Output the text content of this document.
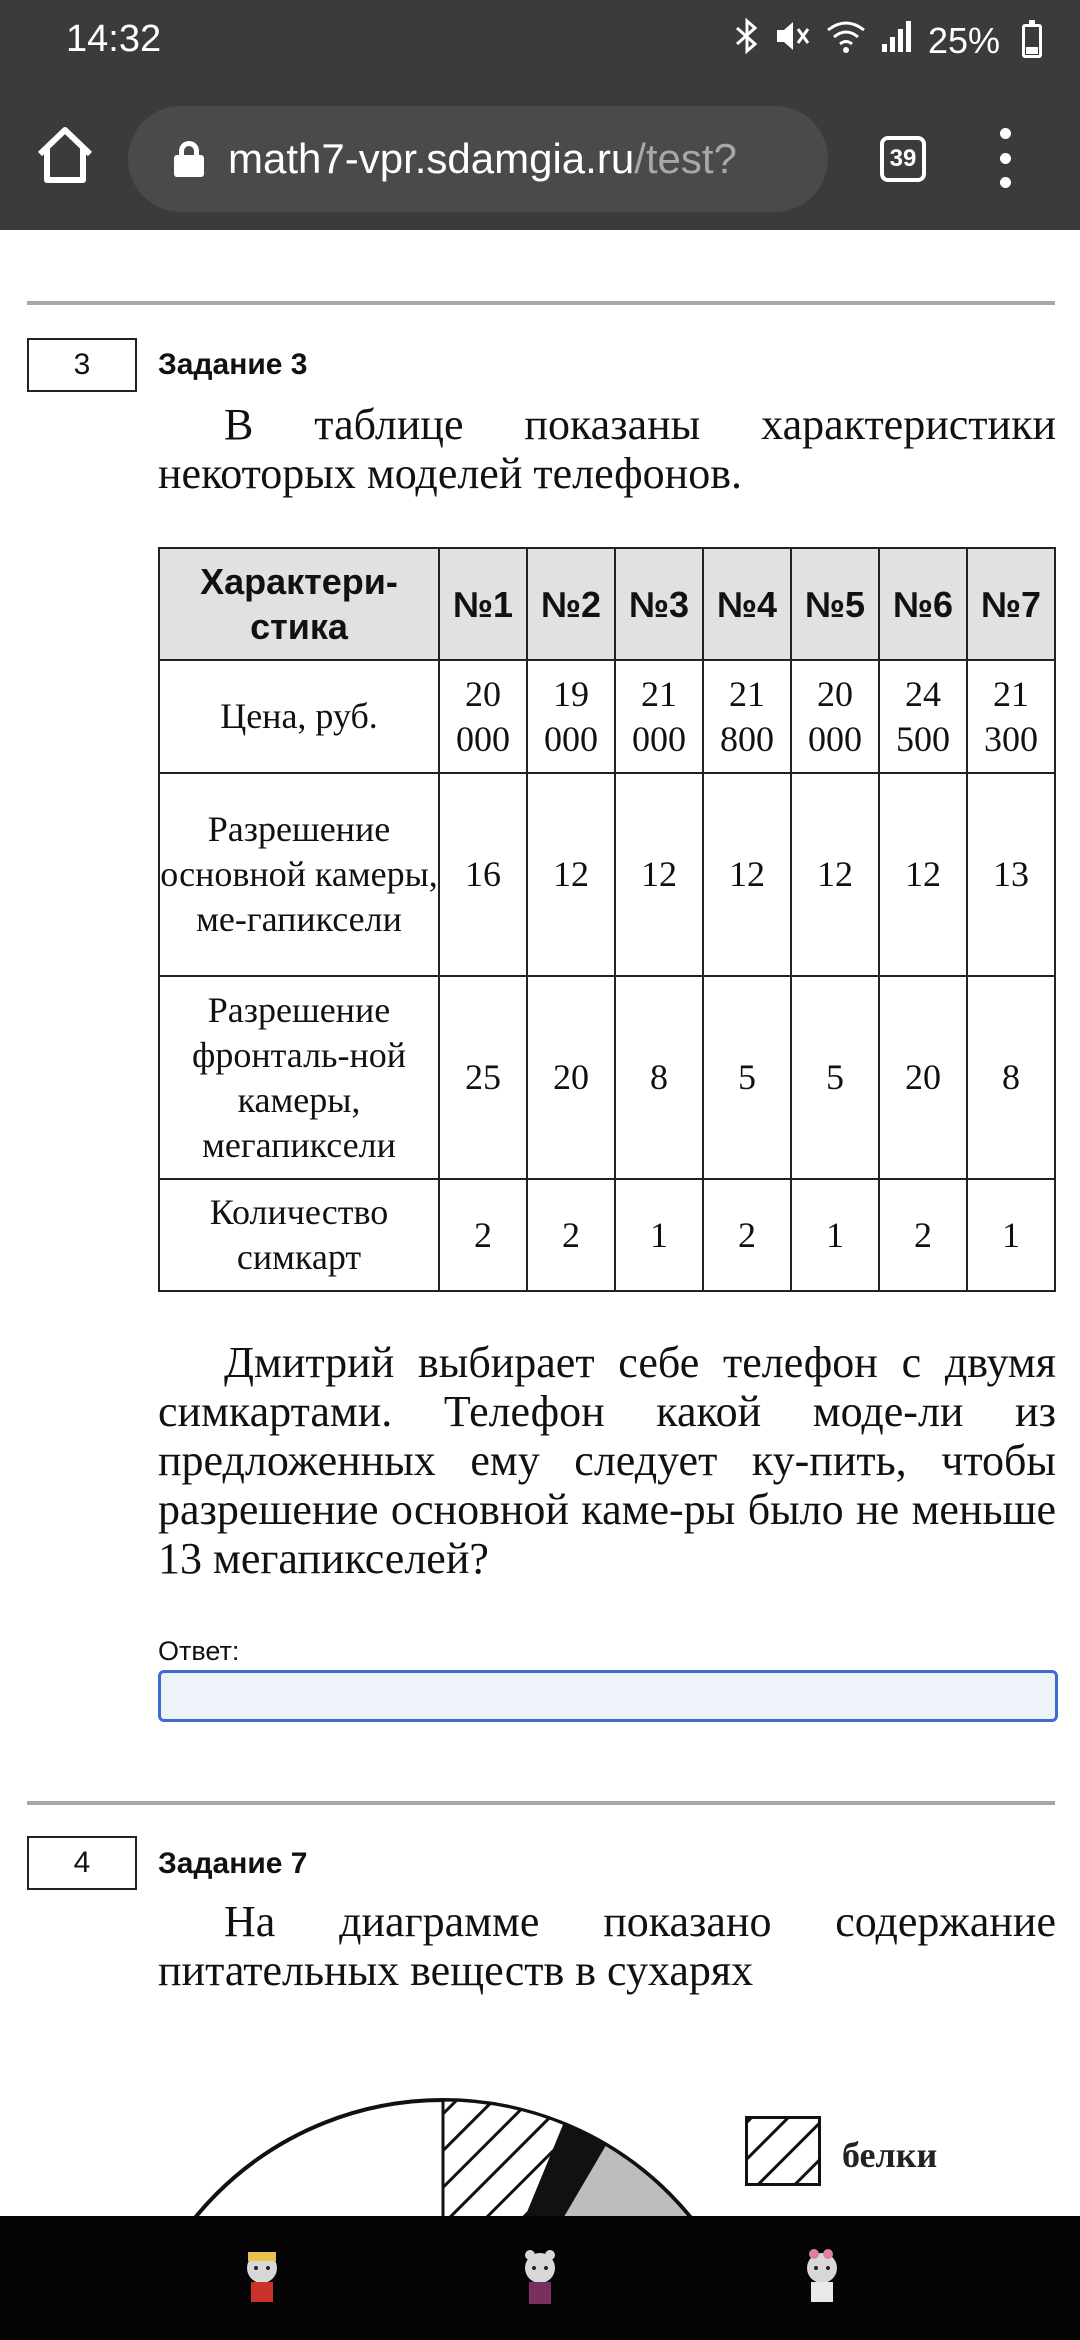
14:32	25%
math7-vpr.sdamgia.ru /test?	39
3	Задание 3
В таблице показаны характеристики некоторых моделей телефонов.
Характери-стика	№1	№2	№3	№4	№5	№6	№7
Цена, руб.	20 000	19 000	21 000	21 800	20 000	24 500	21 300
Разрешение основной камеры, ме-гапиксели	16	12	12	12	12	12	13
Разрешение фронталь-ной камеры, мегапиксели	25	20	8	5	5	20	8
Количество симкарт	2	2	1	2	1	2	1
Дмитрий выбирает себе телефон с двумя симкартами. Телефон какой моде-ли из предложенных ему следует ку-пить, чтобы разрешение основной каме-ры было не меньше 13 мегапикселей?
Ответ:
4	Задание 7
На диаграмме показано содержание питательных веществ в сухарях
белки
